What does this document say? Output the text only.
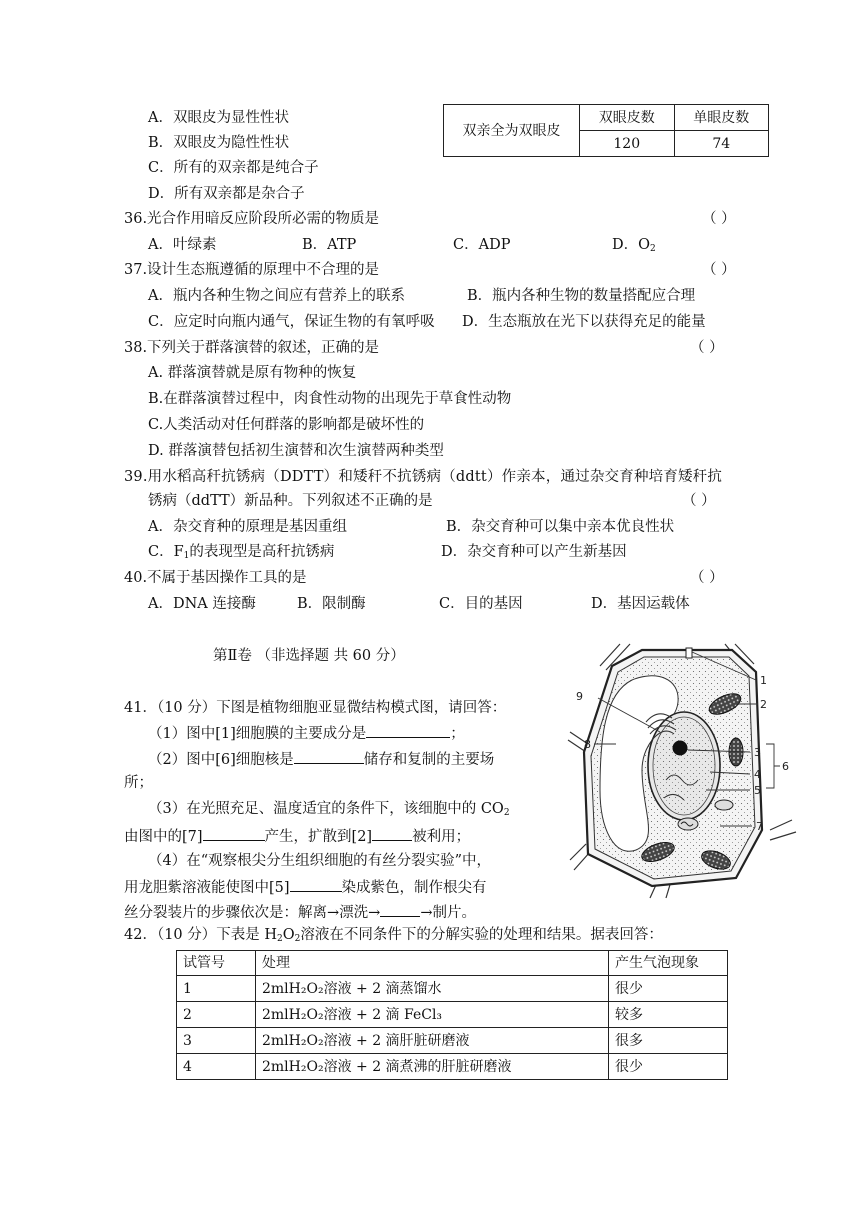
A．双眼皮为显性性状
B．双眼皮为隐性性状
C．所有的双亲都是纯合子
D．所有双亲都是杂合子
双亲全为双眼皮	双眼皮数	单眼皮数
	120	74
36.光合作用暗反应阶段所必需的物质是	（ ）
A．叶绿素	B．ATP	C．ADP	D．$O_2$
37.设计生态瓶遵循的原理中不合理的是	（ ）
A．瓶内各种生物之间应有营养上的联系	B．瓶内各种生物的数量搭配应合理
C．应定时向瓶内通气，保证生物的有氧呼吸 D．生态瓶放在光下以获得充足的能量
38.下列关于群落演替的叙述，正确的是	（ ）
A. 群落演替就是原有物种的恢复
B.在群落演替过程中，肉食性动物的出现先于草食性动物
C.人类活动对任何群落的影响都是破坏性的
D. 群落演替包括初生演替和次生演替两种类型
39.用水稻高秆抗锈病（DDTT）和矮秆不抗锈病（ddtt）作亲本，通过杂交育种培育矮秆抗
锈病（ddTT）新品种。下列叙述不正确的是	（ ）
A．杂交育种的原理是基因重组	B．杂交育种可以集中亲本优良性状
C．$F_1$的表现型是高秆抗锈病	D．杂交育种可以产生新基因
40.不属于基因操作工具的是	（ ）
A．DNA 连接酶	B．限制酶	C．目的基因	D．基因运载体
第Ⅱ卷 （非选择题 共 60 分）
41．（10 分）下图是植物细胞亚显微结构模式图，请回答：
（1）图中[1]细胞膜的主要成分是	；
（2）图中[6]细胞核是	储存和复制的主要场
所；
（3）在光照充足、温度适宜的条件下，该细胞中的 $CO_2$
由图中的[7]	产生，扩散到[2]	被利用；
（4）在“观察根尖分生组织细胞的有丝分裂实验”中，
用龙胆紫溶液能使图中[5]	染成紫色，制作根尖有
丝分裂装片的步骤依次是：解离→漂洗→	→制片。
1
2
9
8
3
4
5
6
7
42．（10 分）下表是 $H_2O_2$溶液在不同条件下的分解实验的处理和结果。据表回答：
试管号	处理	产生气泡现象
1	2mlH₂O₂溶液 + 2 滴蒸馏水	很少
2	2mlH₂O₂溶液 + 2 滴 FeCl₃	较多
3	2mlH₂O₂溶液 + 2 滴肝脏研磨液	很多
4	2mlH₂O₂溶液 + 2 滴煮沸的肝脏研磨液	很少
